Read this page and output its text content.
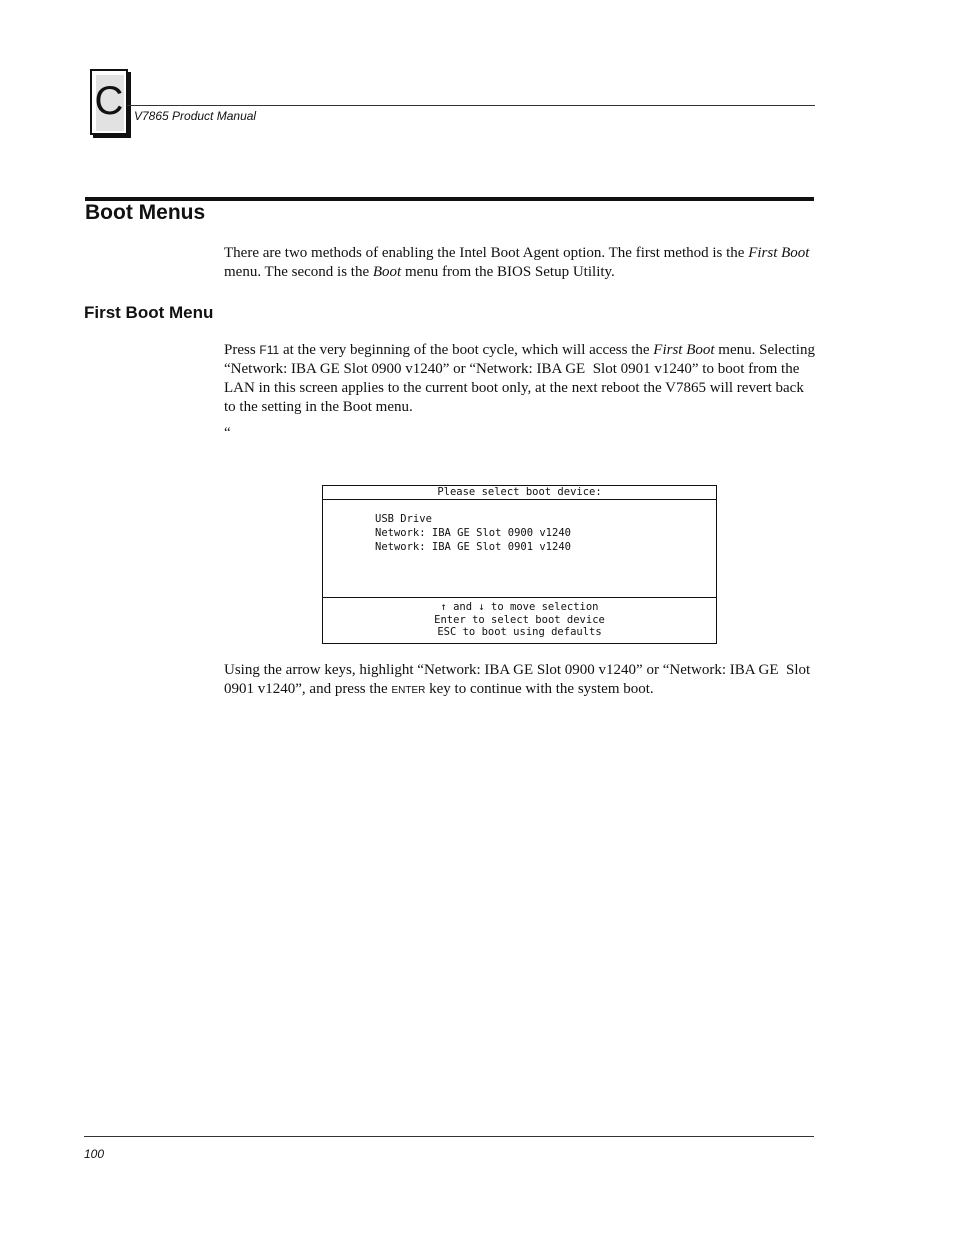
C V7865 Product Manual
Boot Menus
There are two methods of enabling the Intel Boot Agent option. The first method is the First Boot menu. The second is the Boot menu from the BIOS Setup Utility.
First Boot Menu
Press F11 at the very beginning of the boot cycle, which will access the First Boot menu. Selecting “Network: IBA GE Slot 0900 v1240” or “Network: IBA GE  Slot 0901 v1240” to boot from the LAN in this screen applies to the current boot only, at the next reboot the V7865 will revert back to the setting in the Boot menu.
“
Please select boot device:
USB Drive
Network: IBA GE Slot 0900 v1240
Network: IBA GE Slot 0901 v1240
↑ and ↓ to move selection
Enter to select boot device
ESC to boot using defaults
Using the arrow keys, highlight “Network: IBA GE Slot 0900 v1240” or “Network: IBA GE  Slot 0901 v1240”, and press the ENTER key to continue with the system boot.
100
